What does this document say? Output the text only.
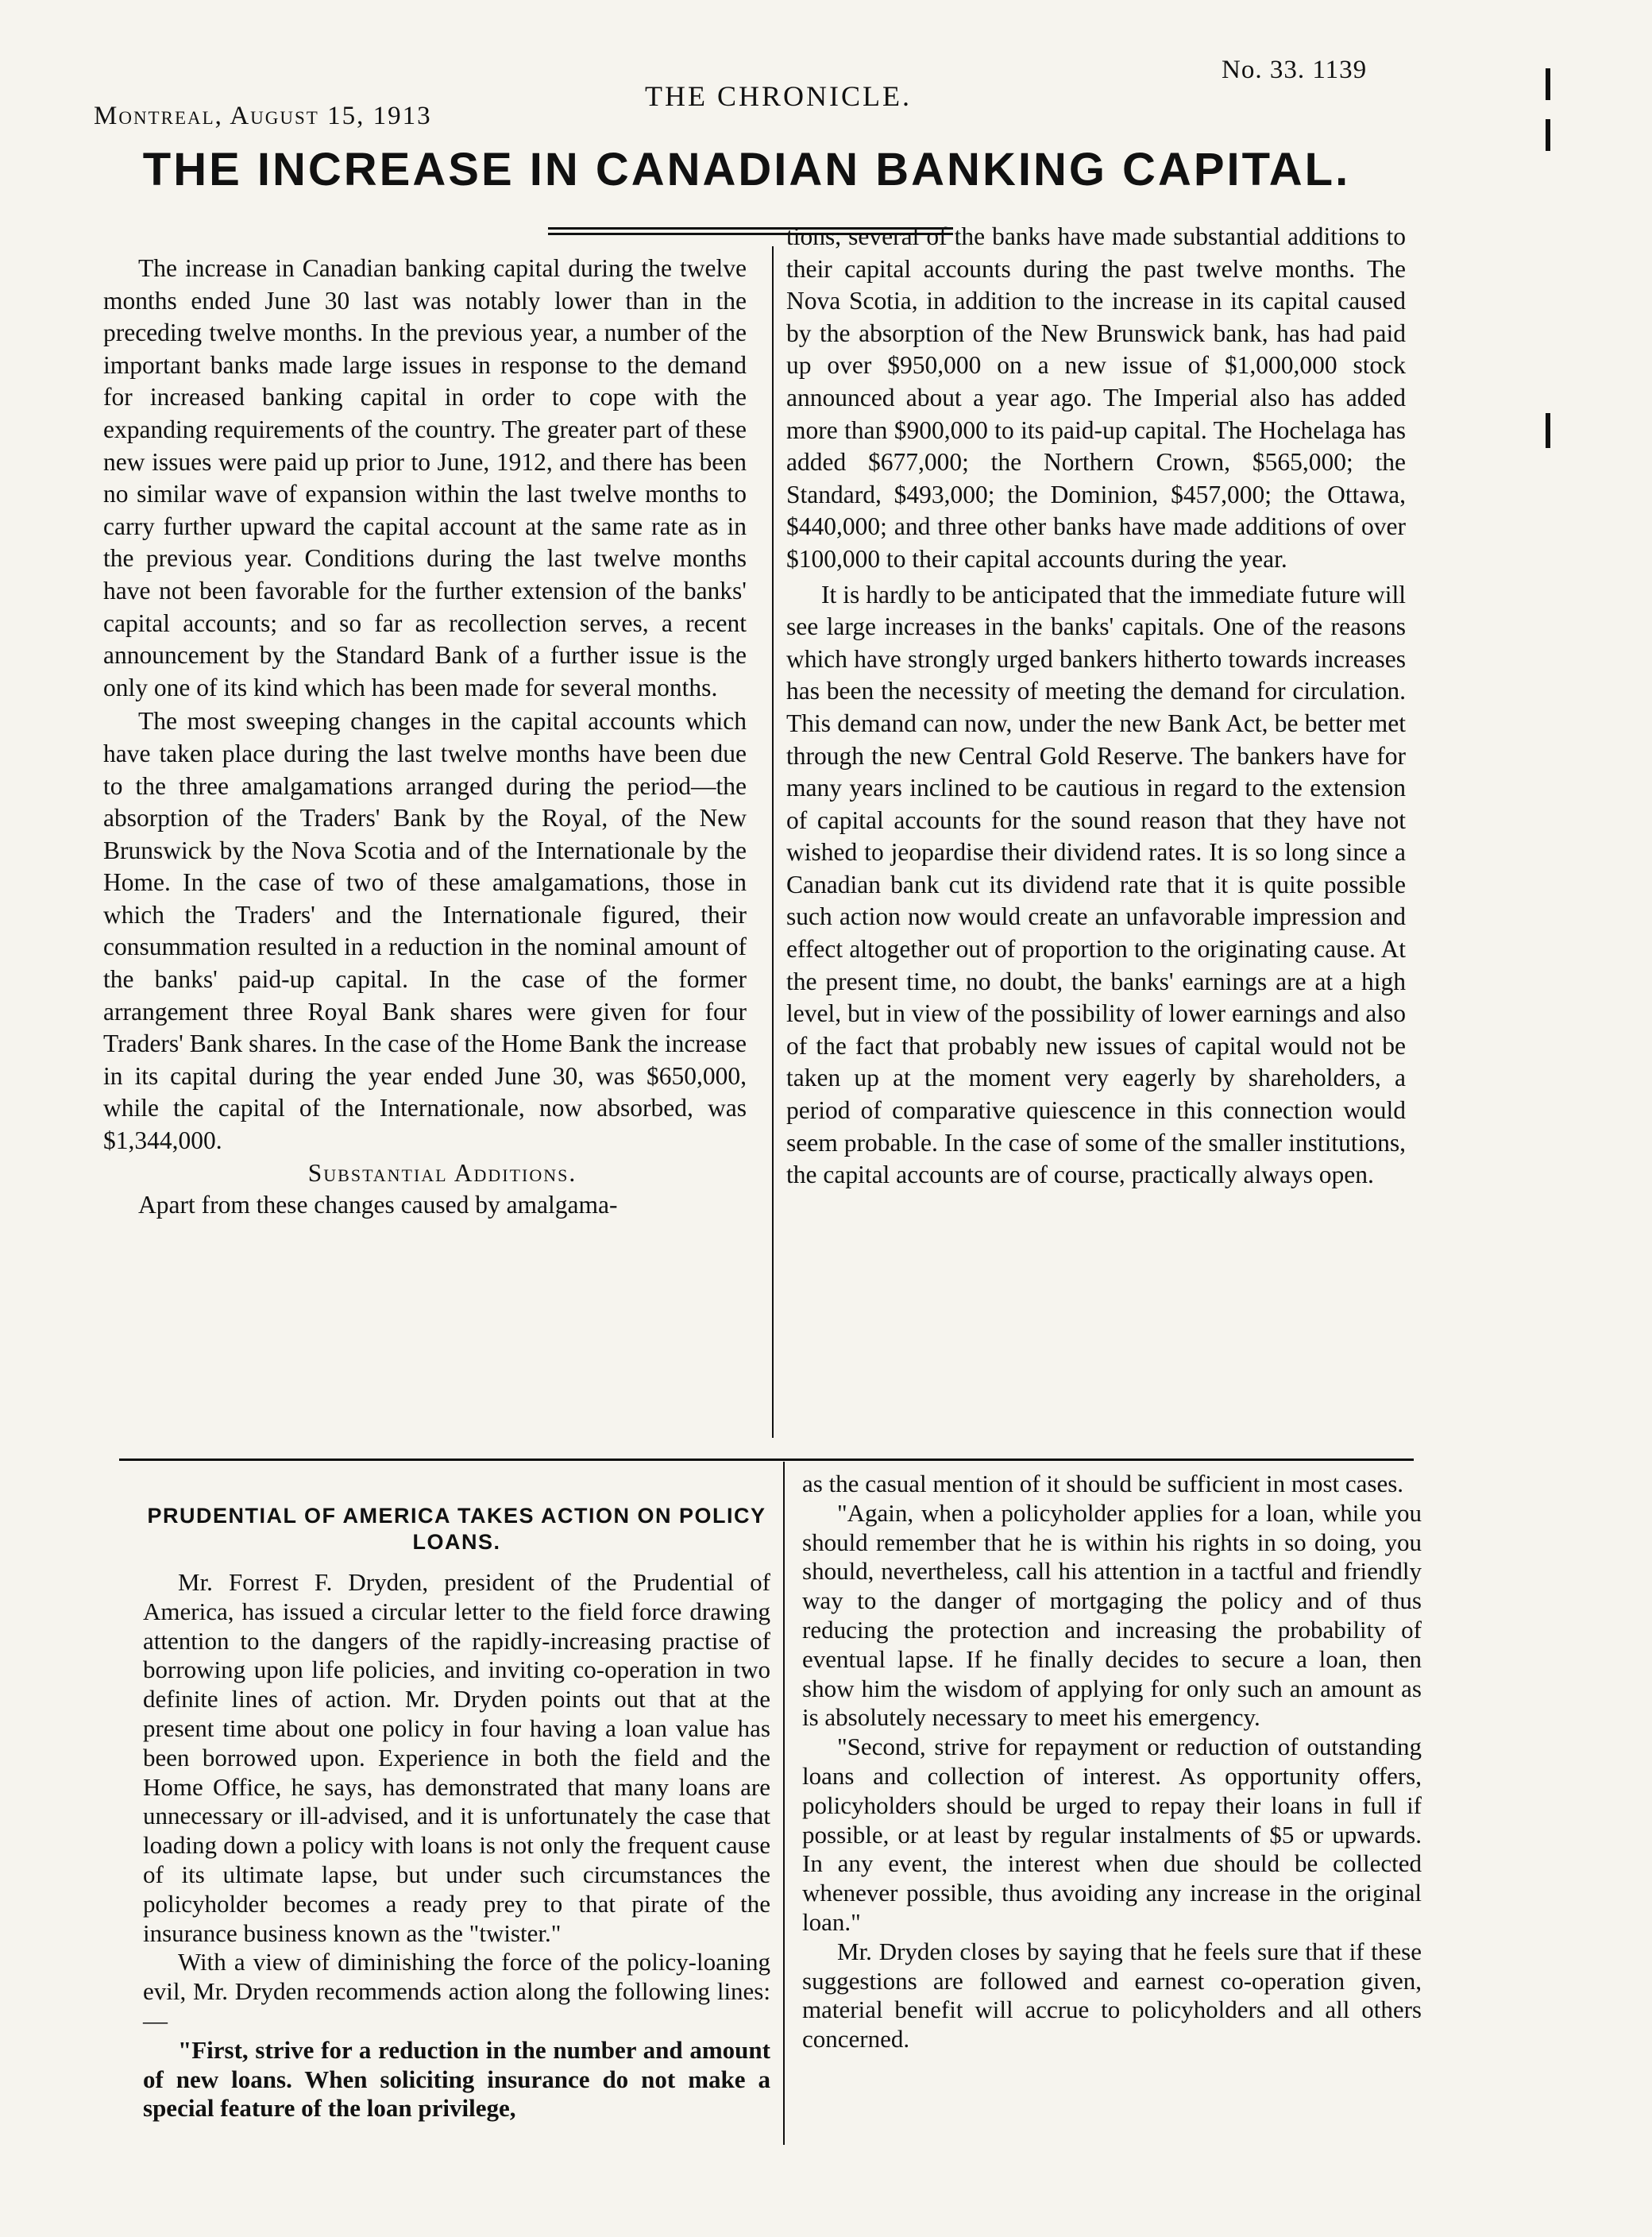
Montreal, August 15, 1913
THE CHRONICLE.
No. 33. 1139
THE INCREASE IN CANADIAN BANKING CAPITAL.

The increase in Canadian banking capital during the twelve months ended June 30 last was notably lower than in the preceding twelve months. In the previous year, a number of the important banks made large issues in response to the demand for increased banking capital in order to cope with the expanding requirements of the country. The greater part of these new issues were paid up prior to June, 1912, and there has been no similar wave of expansion within the last twelve months to carry further upward the capital account at the same rate as in the previous year. Conditions during the last twelve months have not been favorable for the further extension of the banks' capital accounts; and so far as recollection serves, a recent announcement by the Standard Bank of a further issue is the only one of its kind which has been made for several months.

The most sweeping changes in the capital accounts which have taken place during the last twelve months have been due to the three amalgamations arranged during the period—the absorption of the Traders' Bank by the Royal, of the New Brunswick by the Nova Scotia and of the Internationale by the Home. In the case of two of these amalgamations, those in which the Traders' and the Internationale figured, their consummation resulted in a reduction in the nominal amount of the banks' paid-up capital. In the case of the former arrangement three Royal Bank shares were given for four Traders' Bank shares. In the case of the Home Bank the increase in its capital during the year ended June 30, was $650,000, while the capital of the Internationale, now absorbed, was $1,344,000.

Substantial Additions.

Apart from these changes caused by amalgama-

tions, several of the banks have made substantial additions to their capital accounts during the past twelve months. The Nova Scotia, in addition to the increase in its capital caused by the absorption of the New Brunswick bank, has had paid up over $950,000 on a new issue of $1,000,000 stock announced about a year ago. The Imperial also has added more than $900,000 to its paid-up capital. The Hochelaga has added $677,000; the Northern Crown, $565,000; the Standard, $493,000; the Dominion, $457,000; the Ottawa, $440,000; and three other banks have made additions of over $100,000 to their capital accounts during the year.

It is hardly to be anticipated that the immediate future will see large increases in the banks' capitals. One of the reasons which have strongly urged bankers hitherto towards increases has been the necessity of meeting the demand for circulation. This demand can now, under the new Bank Act, be better met through the new Central Gold Reserve. The bankers have for many years inclined to be cautious in regard to the extension of capital accounts for the sound reason that they have not wished to jeopardise their dividend rates. It is so long since a Canadian bank cut its dividend rate that it is quite possible such action now would create an unfavorable impression and effect altogether out of proportion to the originating cause. At the present time, no doubt, the banks' earnings are at a high level, but in view of the possibility of lower earnings and also of the fact that probably new issues of capital would not be taken up at the moment very eagerly by shareholders, a period of comparative quiescence in this connection would seem probable. In the case of some of the smaller institutions, the capital accounts are of course, practically always open.

PRUDENTIAL OF AMERICA TAKES ACTION ON POLICY LOANS.

Mr. Forrest F. Dryden, president of the Prudential of America, has issued a circular letter to the field force drawing attention to the dangers of the rapidly-increasing practise of borrowing upon life policies, and inviting co-operation in two definite lines of action. Mr. Dryden points out that at the present time about one policy in four having a loan value has been borrowed upon. Experience in both the field and the Home Office, he says, has demonstrated that many loans are unnecessary or ill-advised, and it is unfortunately the case that loading down a policy with loans is not only the frequent cause of its ultimate lapse, but under such circumstances the policyholder becomes a ready prey to that pirate of the insurance business known as the "twister."

With a view of diminishing the force of the policy-loaning evil, Mr. Dryden recommends action along the following lines:—

"First, strive for a reduction in the number and amount of new loans. When soliciting insurance do not make a special feature of the loan privilege,

as the casual mention of it should be sufficient in most cases.

"Again, when a policyholder applies for a loan, while you should remember that he is within his rights in so doing, you should, nevertheless, call his attention in a tactful and friendly way to the danger of mortgaging the policy and of thus reducing the protection and increasing the probability of eventual lapse. If he finally decides to secure a loan, then show him the wisdom of applying for only such an amount as is absolutely necessary to meet his emergency.

"Second, strive for repayment or reduction of outstanding loans and collection of interest. As opportunity offers, policyholders should be urged to repay their loans in full if possible, or at least by regular instalments of $5 or upwards. In any event, the interest when due should be collected whenever possible, thus avoiding any increase in the original loan."

Mr. Dryden closes by saying that he feels sure that if these suggestions are followed and earnest co-operation given, material benefit will accrue to policyholders and all others concerned.
